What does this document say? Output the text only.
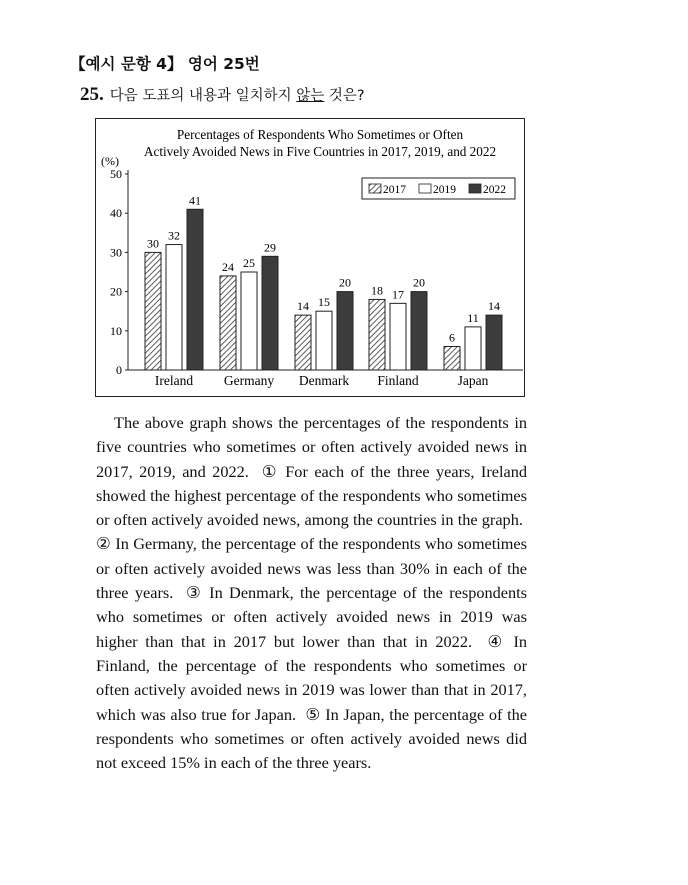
【예시 문항 4】 영어 25번
25. 다음 도표의 내용과 일치하지 않는 것은?
Percentages of Respondents Who Sometimes or Often
Actively Avoided News in Five Countries in 2017, 2019, and 2022
(%)
0
10
20
30
40
50
30
32
41
Ireland
24 25
29
Germany
14 15
20
Denmark
18 17
20
Finland
6
11
14
Japan
2017 2019 2022
The above graph shows the percentages of the respondents in five countries who sometimes or often actively avoided news in 2017, 2019, and 2022. ① For each of the three years, Ireland showed the highest percentage of the respondents who sometimes or often actively avoided news, among the countries in the graph.  ② In Germany, the percentage of the respondents who sometimes or often actively avoided news was less than 30% in each of the three years. ③ In Denmark, the percentage of the respondents who sometimes or often actively avoided news in 2019 was higher than that in 2017 but lower than that in 2022. ④ In Finland, the percentage of the respondents who sometimes or often actively avoided news in 2019 was lower than that in 2017, which was also true for Japan. ⑤ In Japan, the percentage of the respondents who sometimes or often actively avoided news did not exceed 15% in each of the three years.
